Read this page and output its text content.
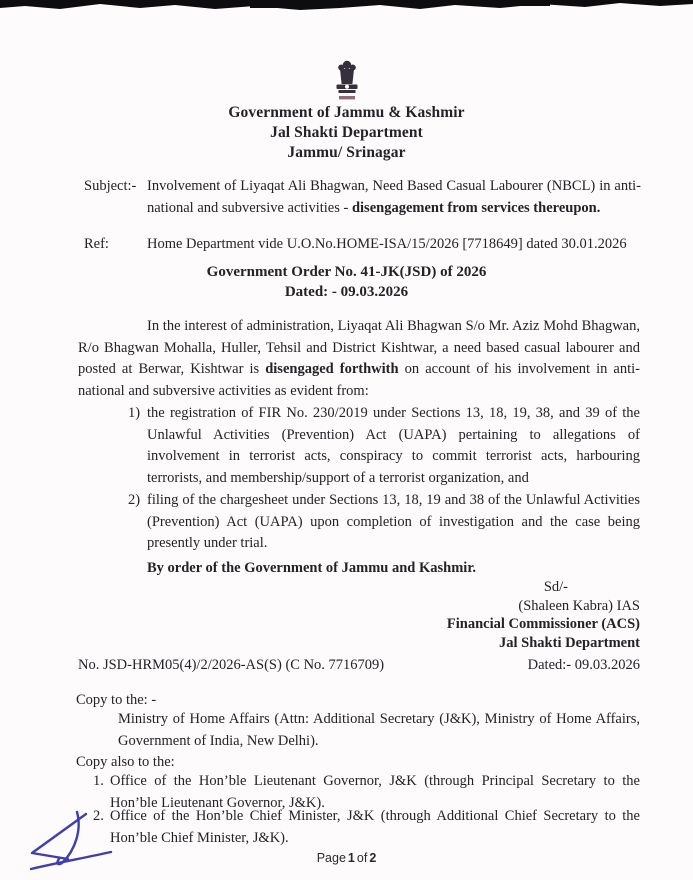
Government of Jammu & Kashmir
Jal Shakti Department
Jammu/ Srinagar
Subject:- Involvement of Liyaqat Ali Bhagwan, Need Based Casual Labourer (NBCL) in anti-national and subversive activities - disengagement from services thereupon.
Ref:	Home Department vide U.O.No.HOME-ISA/15/2026 [7718649] dated 30.01.2026
Government Order No. 41-JK(JSD) of 2026
Dated: - 09.03.2026
In the interest of administration, Liyaqat Ali Bhagwan S/o Mr. Aziz Mohd Bhagwan, R/o Bhagwan Mohalla, Huller, Tehsil and District Kishtwar, a need based casual labourer and posted at Berwar, Kishtwar is disengaged forthwith on account of his involvement in anti-national and subversive activities as evident from:
1) the registration of FIR No. 230/2019 under Sections 13, 18, 19, 38, and 39 of the Unlawful Activities (Prevention) Act (UAPA) pertaining to allegations of involvement in terrorist acts, conspiracy to commit terrorist acts, harbouring terrorists, and membership/support of a terrorist organization, and
2) filing of the chargesheet under Sections 13, 18, 19 and 38 of the Unlawful Activities (Prevention) Act (UAPA) upon completion of investigation and the case being presently under trial.
By order of the Government of Jammu and Kashmir.
Sd/-
(Shaleen Kabra) IAS
Financial Commissioner (ACS)
Jal Shakti Department
No. JSD-HRM05(4)/2/2026-AS(S) (C No. 7716709)	Dated:- 09.03.2026
Copy to the: -
Ministry of Home Affairs (Attn: Additional Secretary (J&K), Ministry of Home Affairs, Government of India, New Delhi).
Copy also to the:
1. Office of the Hon’ble Lieutenant Governor, J&K (through Principal Secretary to the Hon’ble Lieutenant Governor, J&K).
2. Office of the Hon’ble Chief Minister, J&K (through Additional Chief Secretary to the Hon’ble Chief Minister, J&K).
Page 1 of 2
